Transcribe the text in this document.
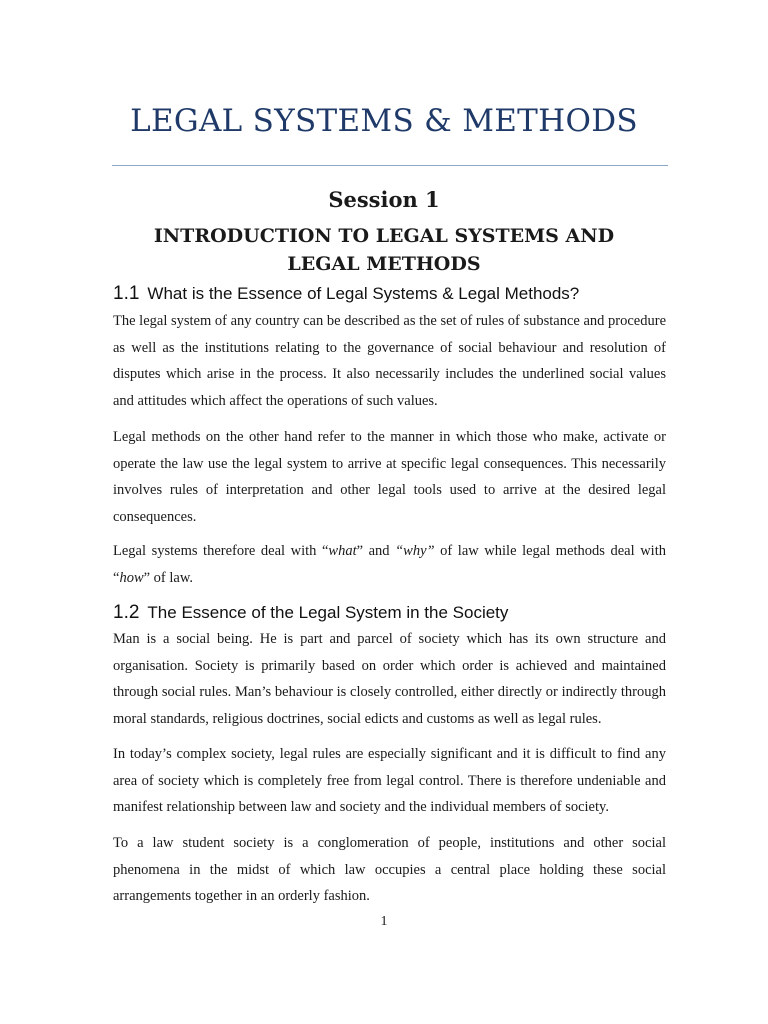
LEGAL SYSTEMS & METHODS
Session 1
INTRODUCTION TO LEGAL SYSTEMS AND LEGAL METHODS
1.1 What is the Essence of Legal Systems & Legal Methods?

The legal system of any country can be described as the set of rules of substance and procedure as well as the institutions relating to the governance of social behaviour and resolution of disputes which arise in the process. It also necessarily includes the underlined social values and attitudes which affect the operations of such values.

Legal methods on the other hand refer to the manner in which those who make, activate or operate the law use the legal system to arrive at specific legal consequences. This necessarily involves rules of interpretation and other legal tools used to arrive at the desired legal consequences.

Legal systems therefore deal with “what” and “why” of law while legal methods deal with “how” of law.

1.2 The Essence of the Legal System in the Society

Man is a social being. He is part and parcel of society which has its own structure and organisation. Society is primarily based on order which order is achieved and maintained through social rules. Man’s behaviour is closely controlled, either directly or indirectly through moral standards, religious doctrines, social edicts and customs as well as legal rules.

In today’s complex society, legal rules are especially significant and it is difficult to find any area of society which is completely free from legal control. There is therefore undeniable and manifest relationship between law and society and the individual members of society.

To a law student society is a conglomeration of people, institutions and other social phenomena in the midst of which law occupies a central place holding these social arrangements together in an orderly fashion.

1
